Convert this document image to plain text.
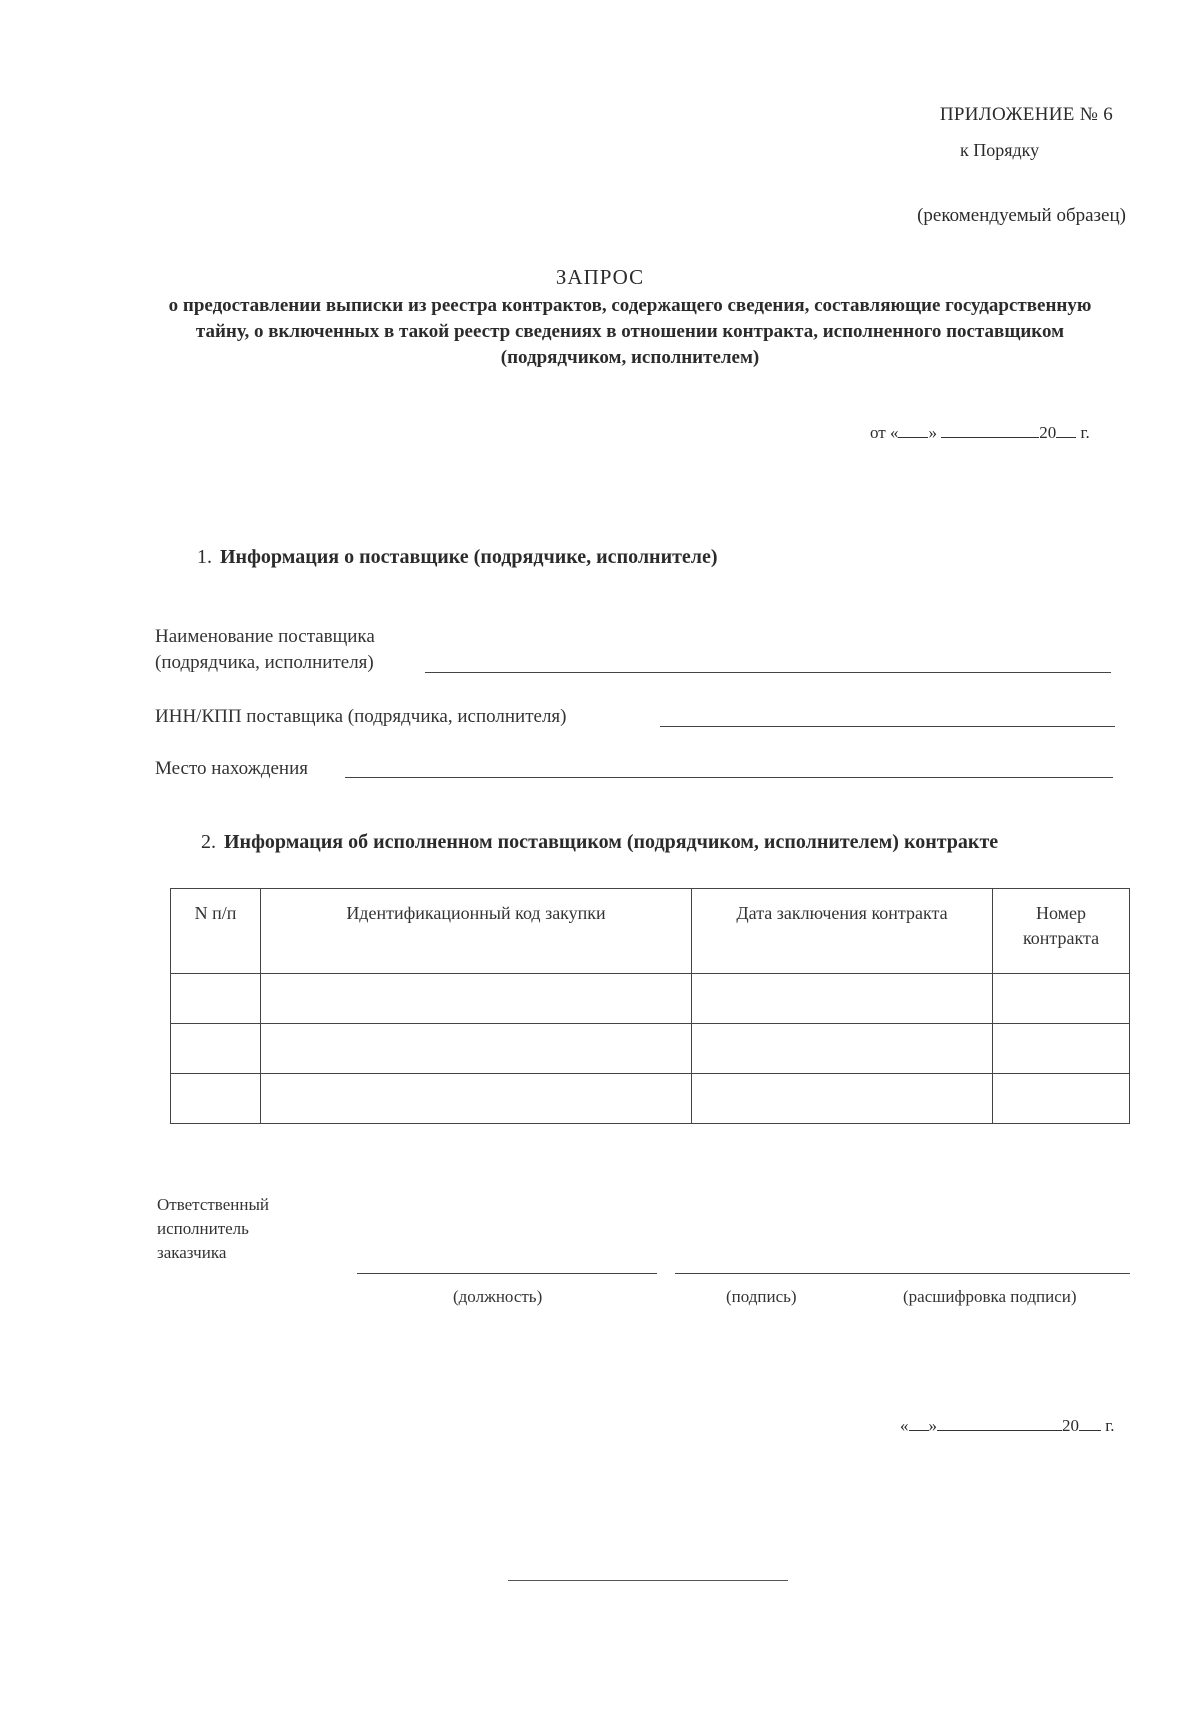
ПРИЛОЖЕНИЕ № 6
к Порядку
(рекомендуемый образец)
ЗАПРОС
о предоставлении выписки из реестра контрактов, содержащего сведения, составляющие государственную тайну, о включенных в такой реестр сведениях в отношении контракта, исполненного поставщиком (подрядчиком, исполнителем)
от « »	20 г.
1. Информация о поставщике (подрядчике, исполнителе)
Наименование поставщика
(подрядчика, исполнителя)
ИНН/КПП поставщика (подрядчика, исполнителя)
Место нахождения
2. Информация об исполненном поставщиком (подрядчиком, исполнителем) контракте
N п/п	Идентификационный код закупки	Дата заключения контракта	Номер контракта

Ответственный
исполнитель
заказчика
(должность)	(подпись)	(расшифровка подписи)
« »	20 г.
